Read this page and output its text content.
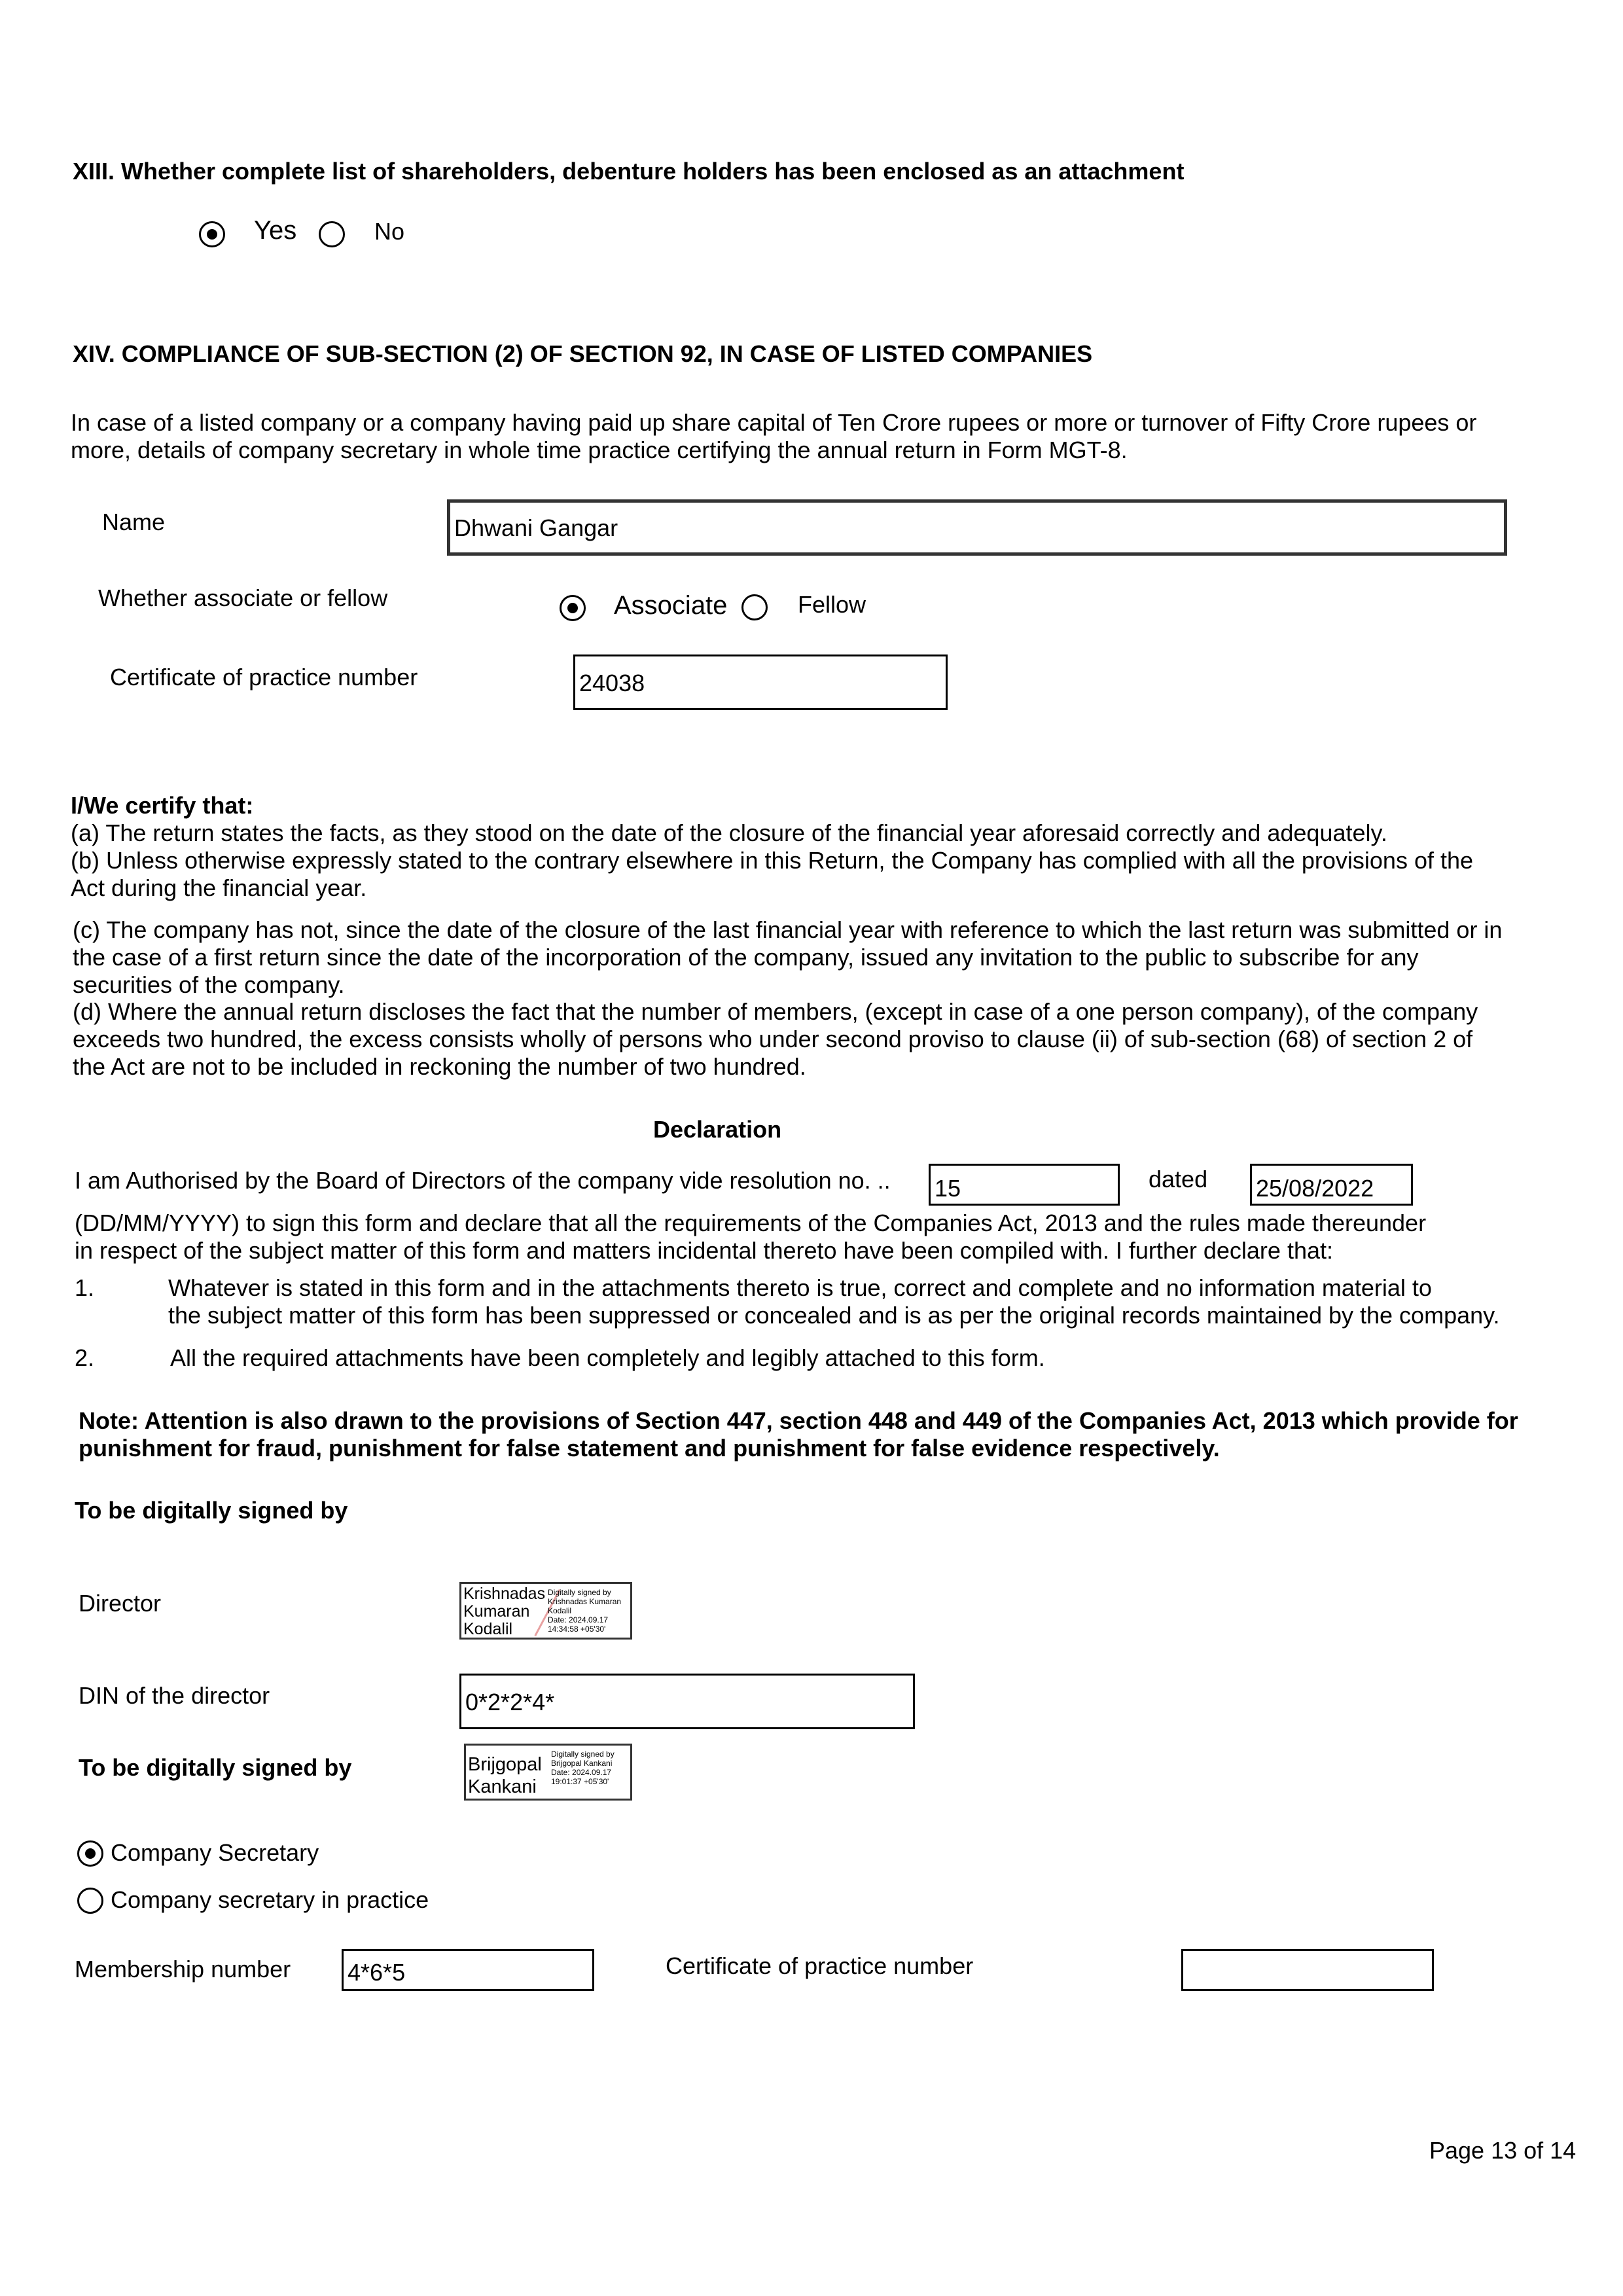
XIII. Whether complete list of shareholders, debenture holders has been enclosed as an attachment
Yes	No
XIV. COMPLIANCE OF SUB-SECTION (2) OF SECTION 92, IN CASE OF LISTED COMPANIES
In case of a listed company or a company having paid up share capital of Ten Crore rupees or more or turnover of Fifty Crore rupees or
more, details of company secretary in whole time practice certifying the annual return in Form MGT-8.
Name	Dhwani Gangar
Whether associate or fellow	Associate	Fellow
Certificate of practice number	24038
I/We certify that:
(a) The return states the facts, as they stood on the date of the closure of the financial year aforesaid correctly and adequately.
(b) Unless otherwise expressly stated to the contrary elsewhere in this Return, the Company has complied with all the provisions of the
Act during the financial year.
(c) The company has not, since the date of the closure of the last financial year with reference to which the last return was submitted or in
the case of a first return since the date of the incorporation of the company, issued any invitation to the public to subscribe for any
securities of the company.
(d) Where the annual return discloses the fact that the number of members, (except in case of a one person company), of the company
exceeds two hundred, the excess consists wholly of persons who under second proviso to clause (ii) of sub-section (68) of section 2 of
the Act are not to be included in reckoning the number of two hundred.
Declaration
I am Authorised by the Board of Directors of the company vide resolution no. .. 15	dated 25/08/2022
(DD/MM/YYYY) to sign this form and declare that all the requirements of the Companies Act, 2013 and the rules made thereunder
in respect of the subject matter of this form and matters incidental thereto have been compiled with. I further declare that:
1.	Whatever is stated in this form and in the attachments thereto is true, correct and complete and no information material to
the subject matter of this form has been suppressed or concealed and is as per the original records maintained by the company.
2.	All the required attachments have been completely and legibly attached to this form.
Note: Attention is also drawn to the provisions of Section 447, section 448 and 449 of the Companies Act, 2013 which provide for
punishment for fraud, punishment for false statement and punishment for false evidence respectively.
To be digitally signed by
Director	Krishnadas
Kumaran
Kodalil
Digitally signed by
Krishnadas Kumaran
Kodalil
Date: 2024.09.17
14:34:58 +05'30'
DIN of the director	0*2*2*4*
To be digitally signed by	Brijgopal
Kankani
Digitally signed by
Brijgopal Kankani
Date: 2024.09.17
19:01:37 +05'30'
Company Secretary
Company secretary in practice
Membership number 4*6*5	Certificate of practice number
Page 13 of 14
